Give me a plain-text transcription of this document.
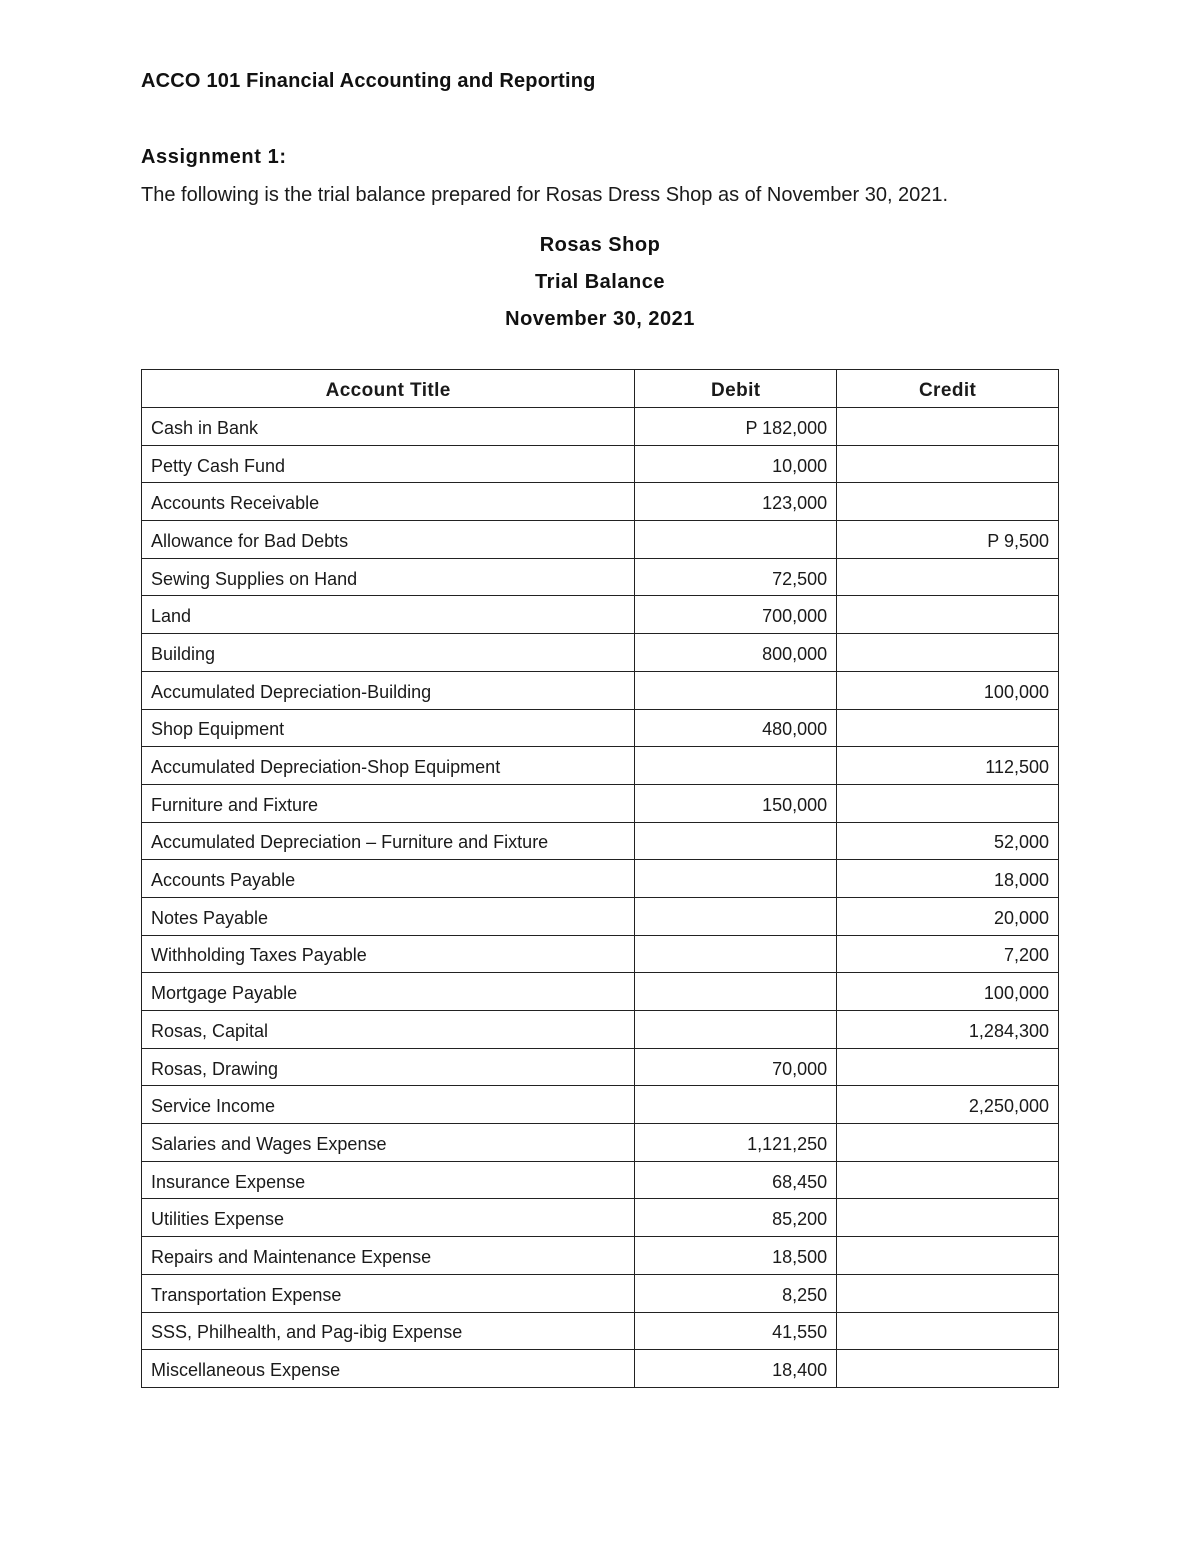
ACCO 101 Financial Accounting and Reporting
Assignment 1:
The following is the trial balance prepared for Rosas Dress Shop as of November 30, 2021.
Rosas Shop
Trial Balance
November 30, 2021
Account Title	Debit	Credit
Cash in Bank	P 182,000	
Petty Cash Fund	10,000	
Accounts Receivable	123,000	
Allowance for Bad Debts		P 9,500
Sewing Supplies on Hand	72,500	
Land	700,000	
Building	800,000	
Accumulated Depreciation-Building		100,000
Shop Equipment	480,000	
Accumulated Depreciation-Shop Equipment		112,500
Furniture and Fixture	150,000	
Accumulated Depreciation – Furniture and Fixture		52,000
Accounts Payable		18,000
Notes Payable		20,000
Withholding Taxes Payable		7,200
Mortgage Payable		100,000
Rosas, Capital		1,284,300
Rosas, Drawing	70,000	
Service Income		2,250,000
Salaries and Wages Expense	1,121,250	
Insurance Expense	68,450	
Utilities Expense	85,200	
Repairs and Maintenance Expense	18,500	
Transportation Expense	8,250	
SSS, Philhealth, and Pag-ibig Expense	41,550	
Miscellaneous Expense	18,400	
